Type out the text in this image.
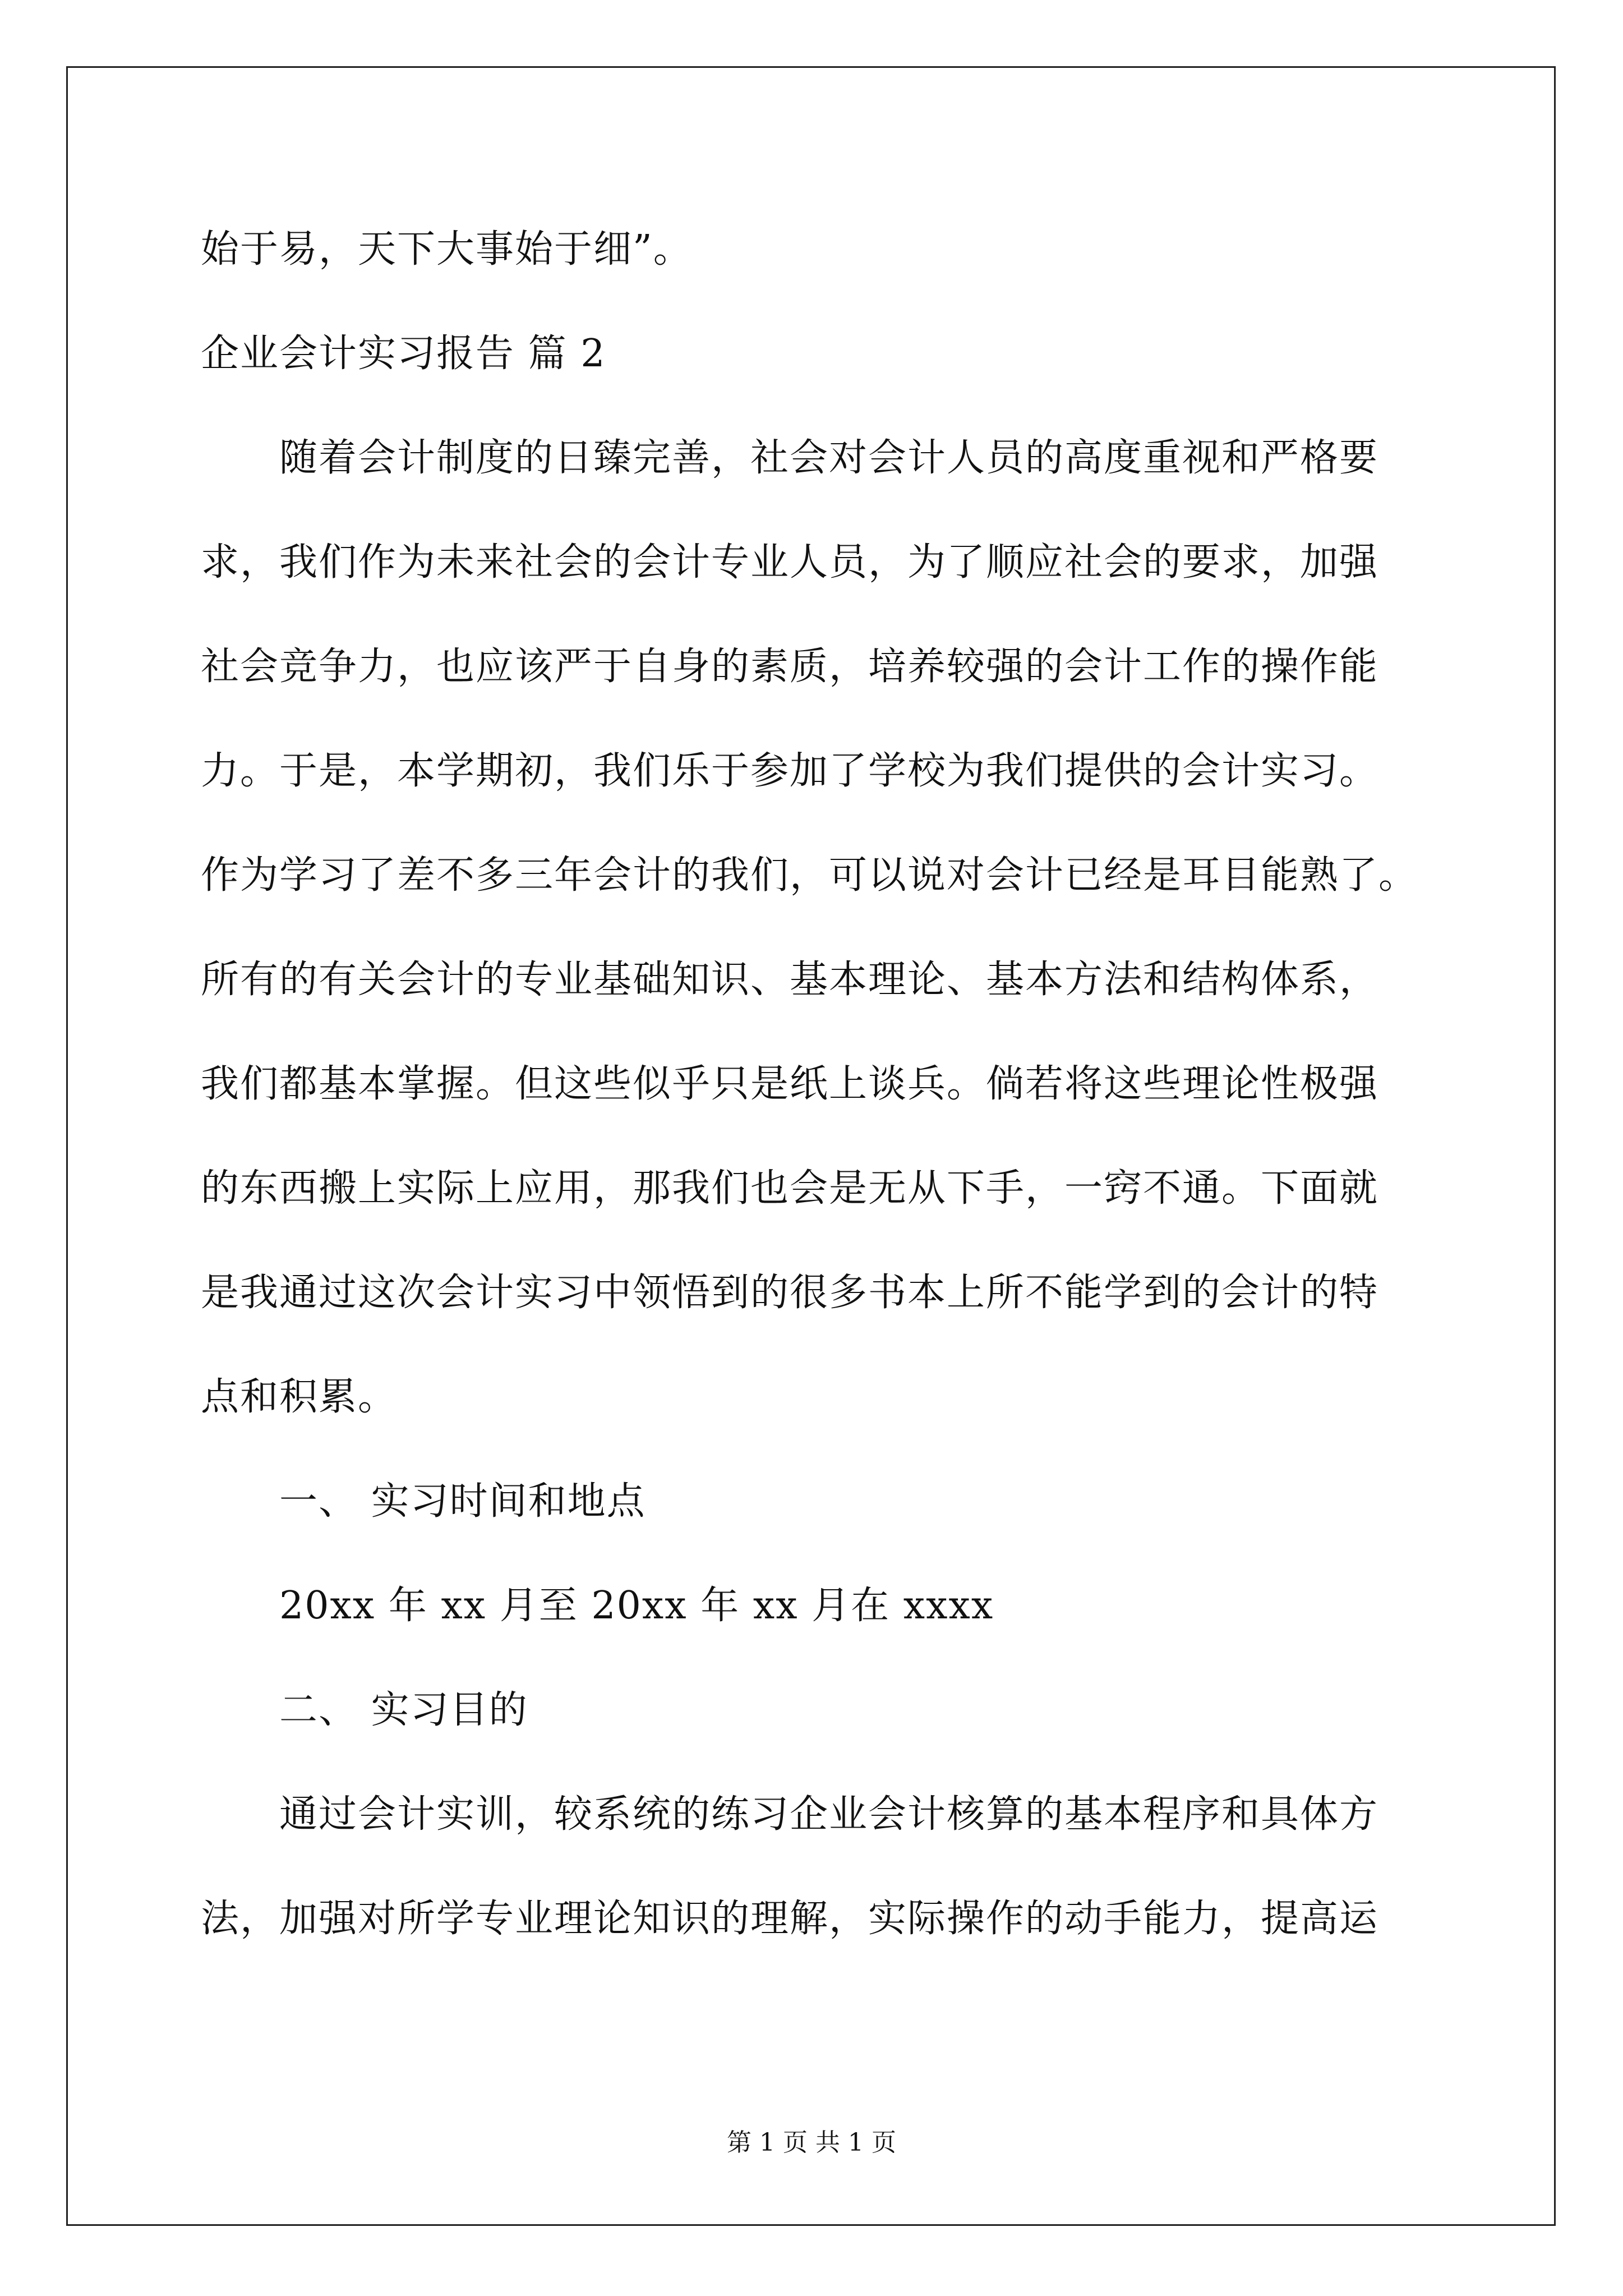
始于易，天下大事始于细”。
企业会计实习报告 篇 2
随着会计制度的日臻完善，社会对会计人员的高度重视和严格要
求，我们作为未来社会的会计专业人员，为了顺应社会的要求，加强
社会竞争力，也应该严于自身的素质，培养较强的会计工作的操作能
力。于是，本学期初，我们乐于参加了学校为我们提供的会计实习。
作为学习了差不多三年会计的我们，可以说对会计已经是耳目能熟了。
所有的有关会计的专业基础知识、基本理论、基本方法和结构体系，
我们都基本掌握。但这些似乎只是纸上谈兵。倘若将这些理论性极强
的东西搬上实际上应用，那我们也会是无从下手，一窍不通。下面就
是我通过这次会计实习中领悟到的很多书本上所不能学到的会计的特
点和积累。
一、 实习时间和地点
20xx 年 xx 月至 20xx 年 xx 月在 xxxx
二、 实习目的
通过会计实训，较系统的练习企业会计核算的基本程序和具体方
法，加强对所学专业理论知识的理解，实际操作的动手能力，提高运
第 1 页 共 1 页
